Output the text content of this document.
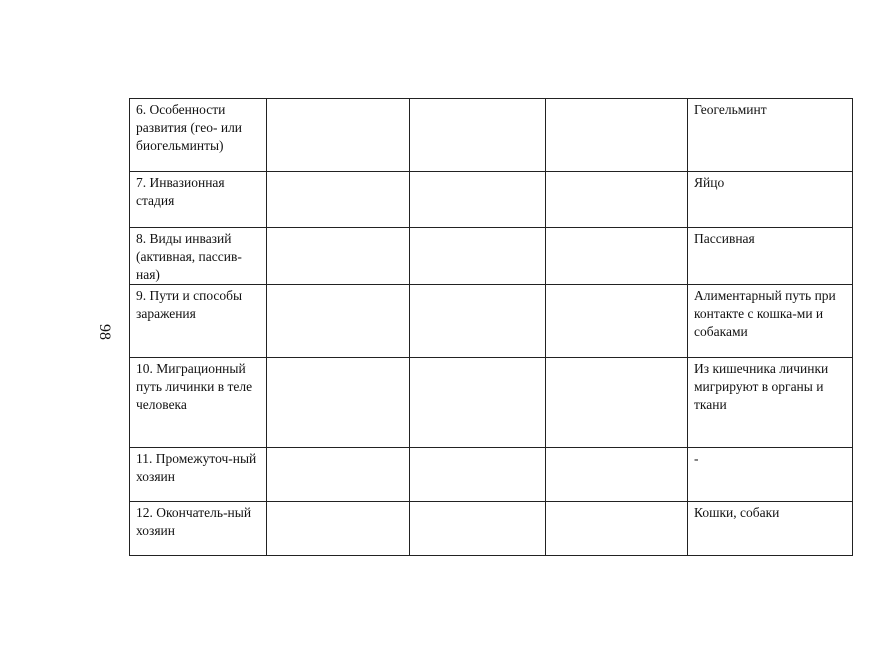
98
6. Особенности развития (гео- или биогельминты)				Геогельминт
7. Инвазионная стадия				Яйцо
8. Виды инвазий (активная, пассив-ная)				Пассивная
9. Пути и способы заражения				Алиментарный путь при контакте с кошка-ми и собаками
10. Миграционный путь личинки в теле человека				Из кишечника личинки мигрируют в органы и ткани
11. Промежуточ-ный хозяин				-
12. Окончатель-ный хозяин				Кошки, собаки
